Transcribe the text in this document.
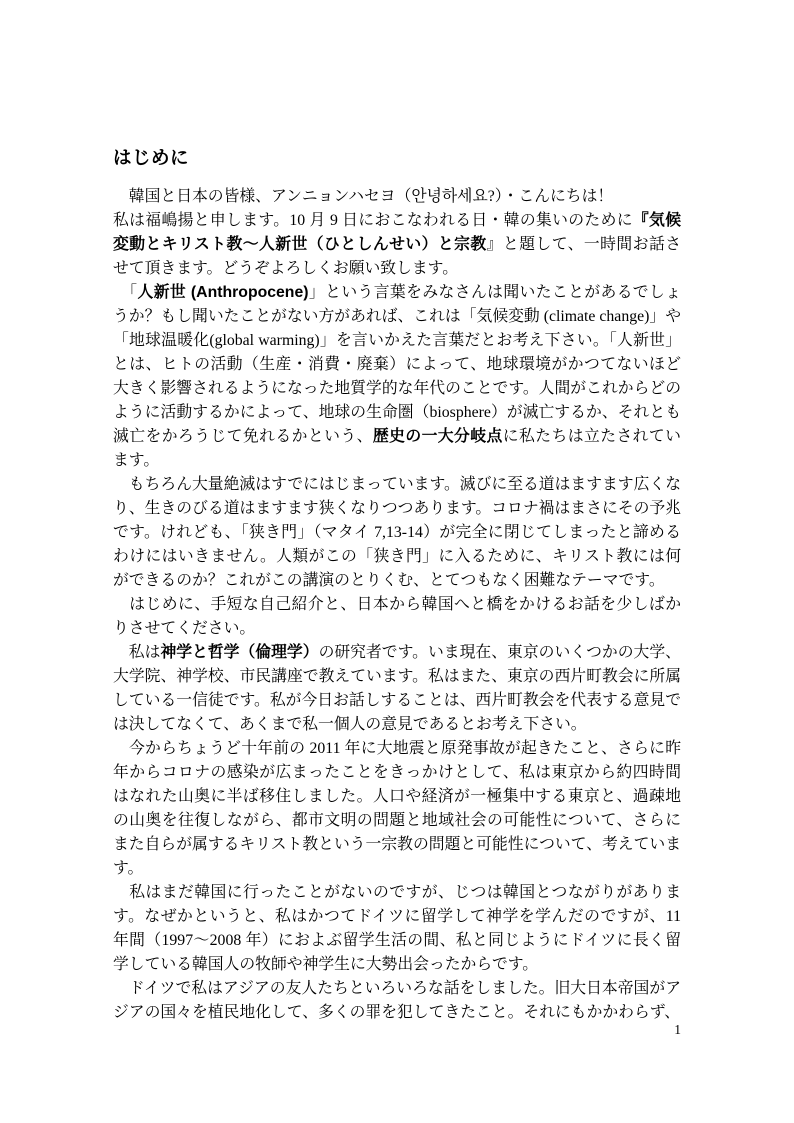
はじめに

　韓国と日本の皆様、アンニョンハセヨ（안녕하세요?）・こんにちは！

私は福嶋揚と申します。10 月 9 日におこなわれる日・韓の集いのために『気候変動とキリスト教〜人新世（ひとしんせい）と宗教』と題して、一時間お話させて頂きます。どうぞよろしくお願い致します。

　「人新世 (Anthropocene)」という言葉をみなさんは聞いたことがあるでしょうか？もし聞いたことがない方があれば、これは「気候変動 (climate change)」や「地球温暖化(global warming)」を言いかえた言葉だとお考え下さい。「人新世」とは、ヒトの活動（生産・消費・廃棄）によって、地球環境がかつてないほど大きく影響されるようになった地質学的な年代のことです。人間がこれからどのように活動するかによって、地球の生命圏（biosphere）が滅亡するか、それとも滅亡をかろうじて免れるかという、歴史の一大分岐点に私たちは立たされています。

　もちろん大量絶滅はすでにはじまっています。滅びに至る道はますます広くなり、生きのびる道はますます狭くなりつつあります。コロナ禍はまさにその予兆です。けれども、「狭き門」（マタイ 7,13-14）が完全に閉じてしまったと諦めるわけにはいきません。人類がこの「狭き門」に入るために、キリスト教には何ができるのか？これがこの講演のとりくむ、とてつもなく困難なテーマです。

　はじめに、手短な自己紹介と、日本から韓国へと橋をかけるお話を少しばかりさせてください。

　私は神学と哲学（倫理学）の研究者です。いま現在、東京のいくつかの大学、大学院、神学校、市民講座で教えています。私はまた、東京の西片町教会に所属している一信徒です。私が今日お話しすることは、西片町教会を代表する意見では決してなくて、あくまで私一個人の意見であるとお考え下さい。

　今からちょうど十年前の 2011 年に大地震と原発事故が起きたこと、さらに昨年からコロナの感染が広まったことをきっかけとして、私は東京から約四時間はなれた山奥に半ば移住しました。人口や経済が一極集中する東京と、過疎地の山奥を往復しながら、都市文明の問題と地域社会の可能性について、さらにまた自らが属するキリスト教という一宗教の問題と可能性について、考えています。

　私はまだ韓国に行ったことがないのですが、じつは韓国とつながりがあります。なぜかというと、私はかつてドイツに留学して神学を学んだのですが、11 年間（1997〜2008 年）におよぶ留学生活の間、私と同じようにドイツに長く留学している韓国人の牧師や神学生に大勢出会ったからです。

　ドイツで私はアジアの友人たちといろいろな話をしました。旧大日本帝国がアジアの国々を植民地化して、多くの罪を犯してきたこと。それにもかかわらず、

1
